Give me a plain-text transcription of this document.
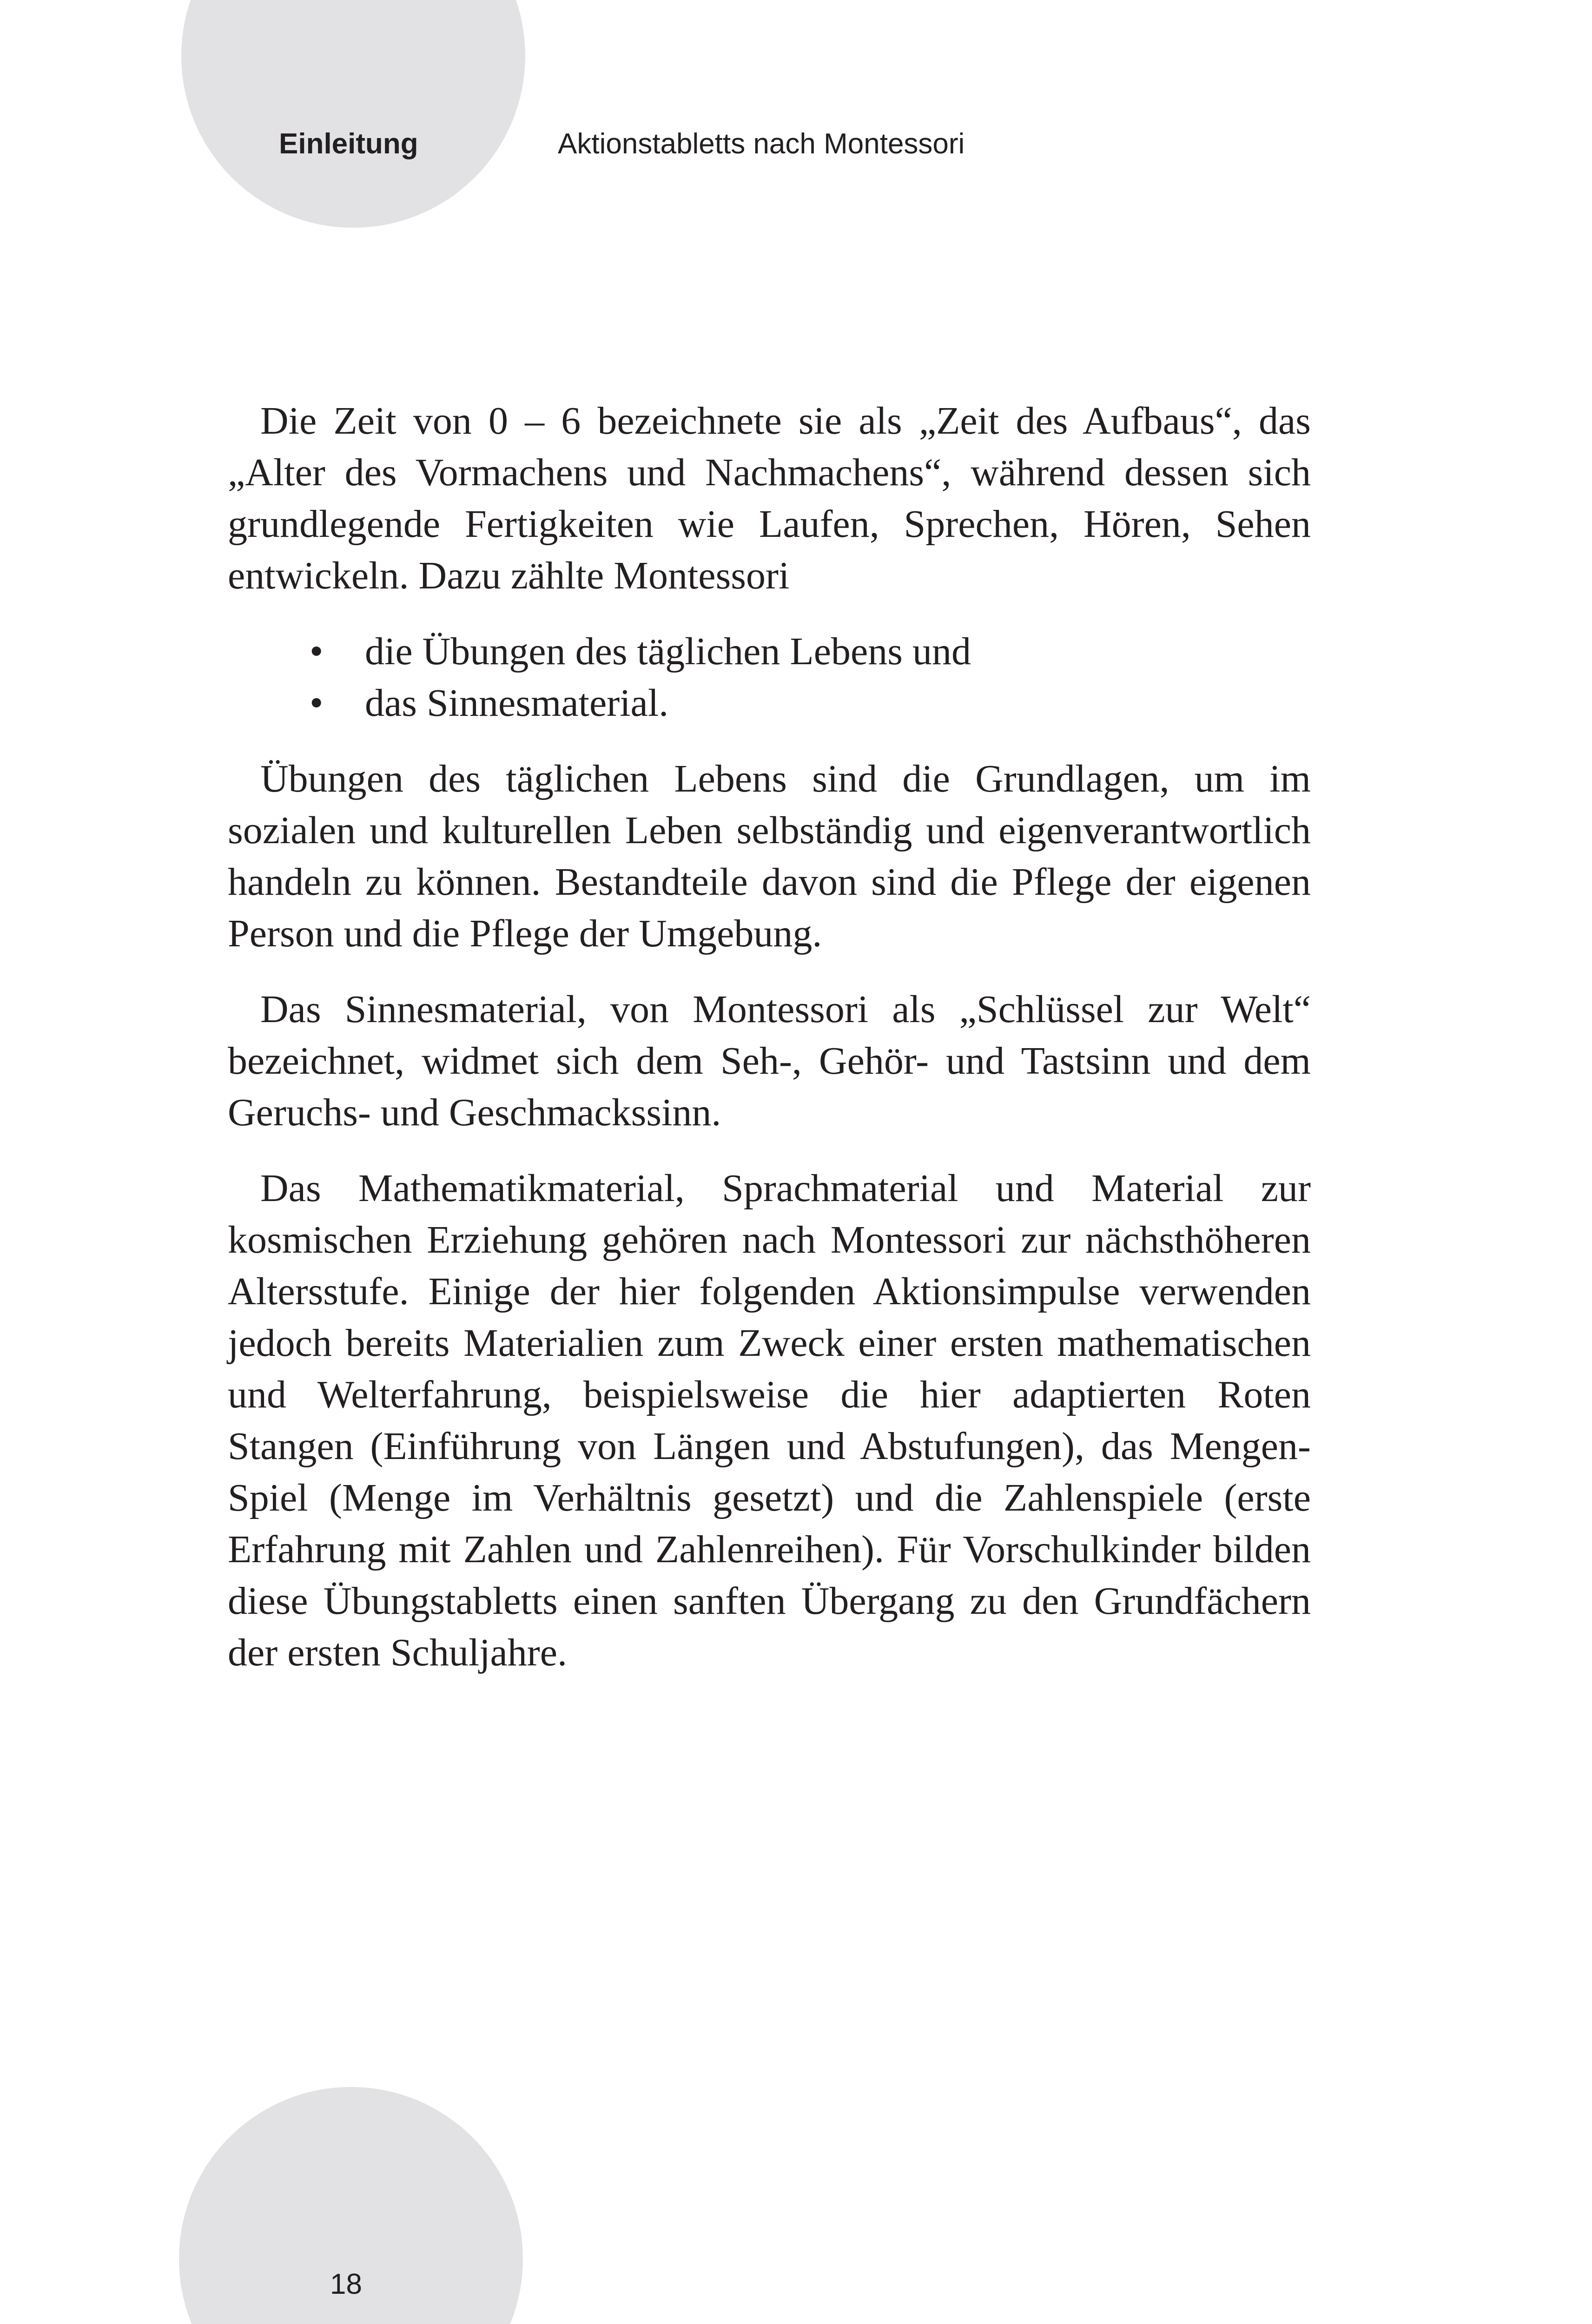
Einleitung	Aktionstabletts nach Montessori

Die Zeit von 0 – 6 bezeichnete sie als „Zeit des Aufbaus“, das „Alter des Vormachens und Nachmachens“, während dessen sich grundlegende Fertigkeiten wie Laufen, Sprechen, Hören, Sehen entwickeln. Dazu zählte Montessori

• die Übungen des täglichen Lebens und
• das Sinnesmaterial.

Übungen des täglichen Lebens sind die Grundlagen, um im sozialen und kulturellen Leben selbständig und eigenverantwortlich handeln zu können. Bestandteile davon sind die Pflege der eigenen Person und die Pflege der Umgebung.

Das Sinnesmaterial, von Montessori als „Schlüssel zur Welt“ bezeichnet, widmet sich dem Seh-, Gehör- und Tastsinn und dem Geruchs- und Geschmackssinn.

Das Mathematikmaterial, Sprachmaterial und Material zur kosmischen Erziehung gehören nach Montessori zur nächsthöheren Altersstufe. Einige der hier folgenden Aktionsimpulse verwenden jedoch bereits Materialien zum Zweck einer ersten mathematischen und Welterfahrung, beispielsweise die hier adaptierten Roten Stangen (Einführung von Längen und Abstufungen), das Mengen-Spiel (Menge im Verhältnis gesetzt) und die Zahlenspiele (erste Erfahrung mit Zahlen und Zahlenreihen). Für Vorschulkinder bilden diese Übungstabletts einen sanften Übergang zu den Grundfächern der ersten Schuljahre.

18
